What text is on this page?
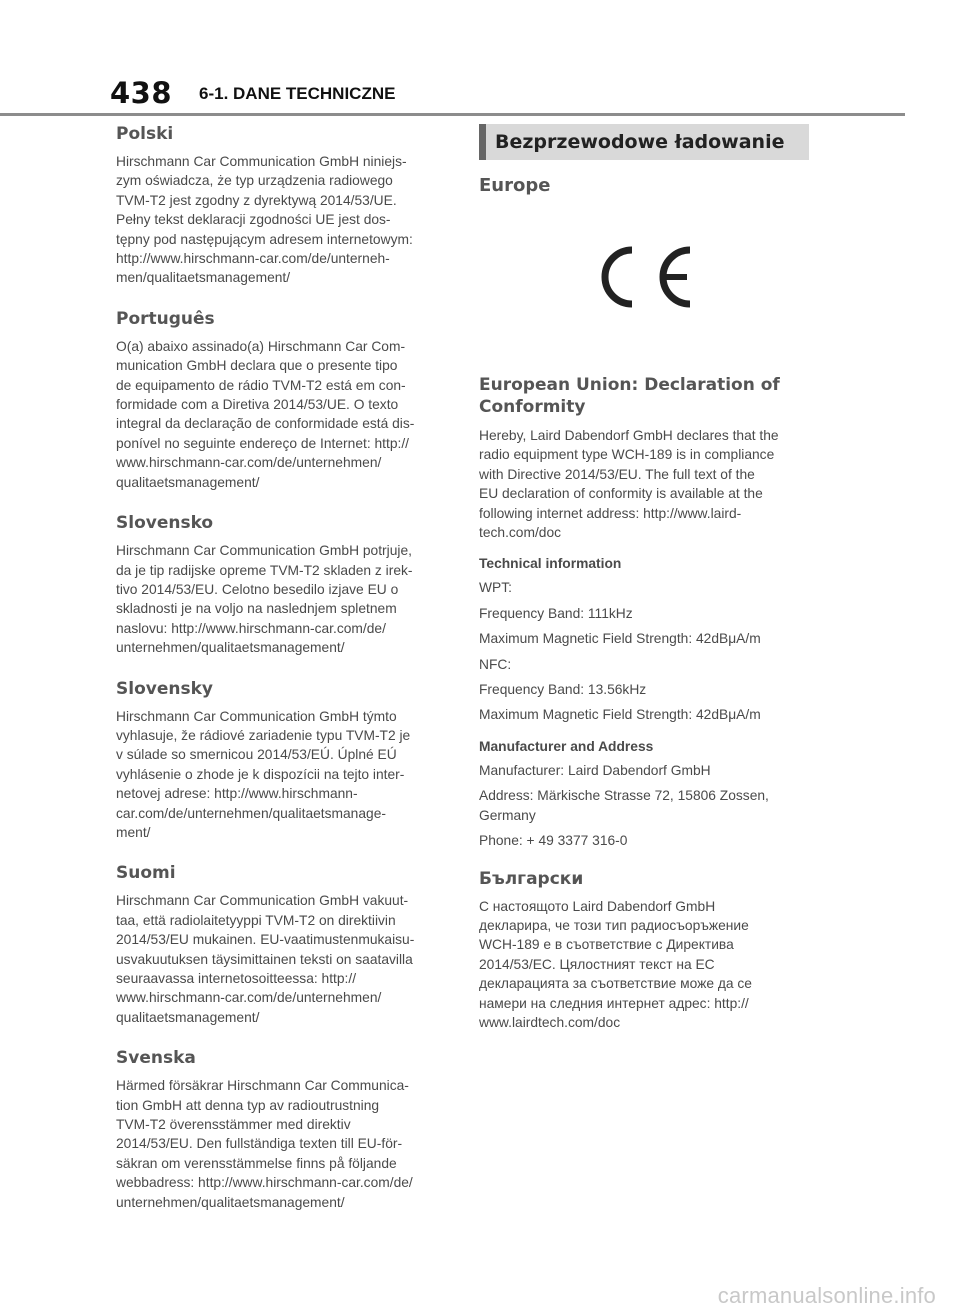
438 6-1. DANE TECHNICZNE
Polski

Hirschmann Car Communication GmbH niniejs-
zym oświadcza, że typ urządzenia radiowego
TVM-T2 jest zgodny z dyrektywą 2014/53/UE.
Pełny tekst deklaracji zgodności UE jest dos-
tępny pod następującym adresem internetowym:
http://www.hirschmann-car.com/de/unterneh-
men/qualitaetsmanagement/

Português

O(a) abaixo assinado(a) Hirschmann Car Com-
munication GmbH declara que o presente tipo
de equipamento de rádio TVM-T2 está em con-
formidade com a Diretiva 2014/53/UE. O texto
integral da declaração de conformidade está dis-
ponível no seguinte endereço de Internet: http://
www.hirschmann-car.com/de/unternehmen/
qualitaetsmanagement/

Slovensko

Hirschmann Car Communication GmbH potrjuje,
da je tip radijske opreme TVM-T2 skladen z irek-
tivo 2014/53/EU. Celotno besedilo izjave EU o
skladnosti je na voljo na naslednjem spletnem
naslovu: http://www.hirschmann-car.com/de/
unternehmen/qualitaetsmanagement/

Slovensky

Hirschmann Car Communication GmbH týmto
vyhlasuje, že rádiové zariadenie typu TVM-T2 je
v súlade so smernicou 2014/53/EÚ. Úplné EÚ
vyhlásenie o zhode je k dispozícii na tejto inter-
netovej adrese: http://www.hirschmann-
car.com/de/unternehmen/qualitaetsmanage-
ment/

Suomi

Hirschmann Car Communication GmbH vakuut-
taa, että radiolaitetyyppi TVM-T2 on direktiivin
2014/53/EU mukainen. EU-vaatimustenmukaisu-
usvakuutuksen täysimittainen teksti on saatavilla
seuraavassa internetosoitteessa: http://
www.hirschmann-car.com/de/unternehmen/
qualitaetsmanagement/

Svenska

Härmed försäkrar Hirschmann Car Communica-
tion GmbH att denna typ av radioutrustning
TVM-T2 överensstämmer med direktiv
2014/53/EU. Den fullständiga texten till EU-för-
säkran om verensstämmelse finns på följande
webbadress: http://www.hirschmann-car.com/de/
unternehmen/qualitaetsmanagement/

Bezprzewodowe ładowanie
Europe
European Union: Declaration of
Conformity

Hereby, Laird Dabendorf GmbH declares that the
radio equipment type WCH-189 is in compliance
with Directive 2014/53/EU. The full text of the
EU declaration of conformity is available at the
following internet address: http://www.laird-
tech.com/doc

Technical information
WPT:
Frequency Band: 111kHz
Maximum Magnetic Field Strength: 42dBμA/m
NFC:
Frequency Band: 13.56kHz
Maximum Magnetic Field Strength: 42dBμA/m
Manufacturer and Address
Manufacturer: Laird Dabendorf GmbH
Address: Märkische Strasse 72, 15806 Zossen,
Germany
Phone: + 49 3377 316-0
Български

С настоящото Laird Dabendorf GmbH
декларира, че този тип радиосъоръжение
WCH-189 е в съответствие с Директива
2014/53/ЕС. Цялостният текст на ЕС
декларацията за съответствие може да се
намери на следния интернет адрес: http://
www.lairdtech.com/doc

carmanualsonline.info
